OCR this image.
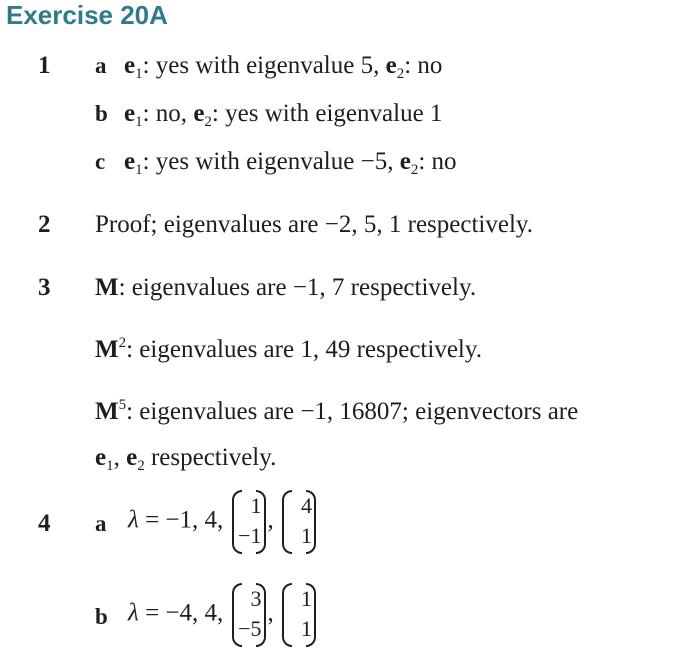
Exercise 20A
1 a $e_1$: yes with eigenvalue 5, $e_2$: no
b $e_1$: no, $e_2$: yes with eigenvalue 1
c $e_1$: yes with eigenvalue −5, $e_2$: no
2 Proof; eigenvalues are −2, 5, 1 respectively.
3 M: eigenvalues are −1, 7 respectively.
$M^2$: eigenvalues are 1, 49 respectively.
$M^5$: eigenvalues are −1, 16807; eigenvectors are
$e_1$, $e_2$ respectively.
4 a λ = −1, 4,
1
−1
,
4
1
b λ = −4, 4,
3
−5
,
1
1
